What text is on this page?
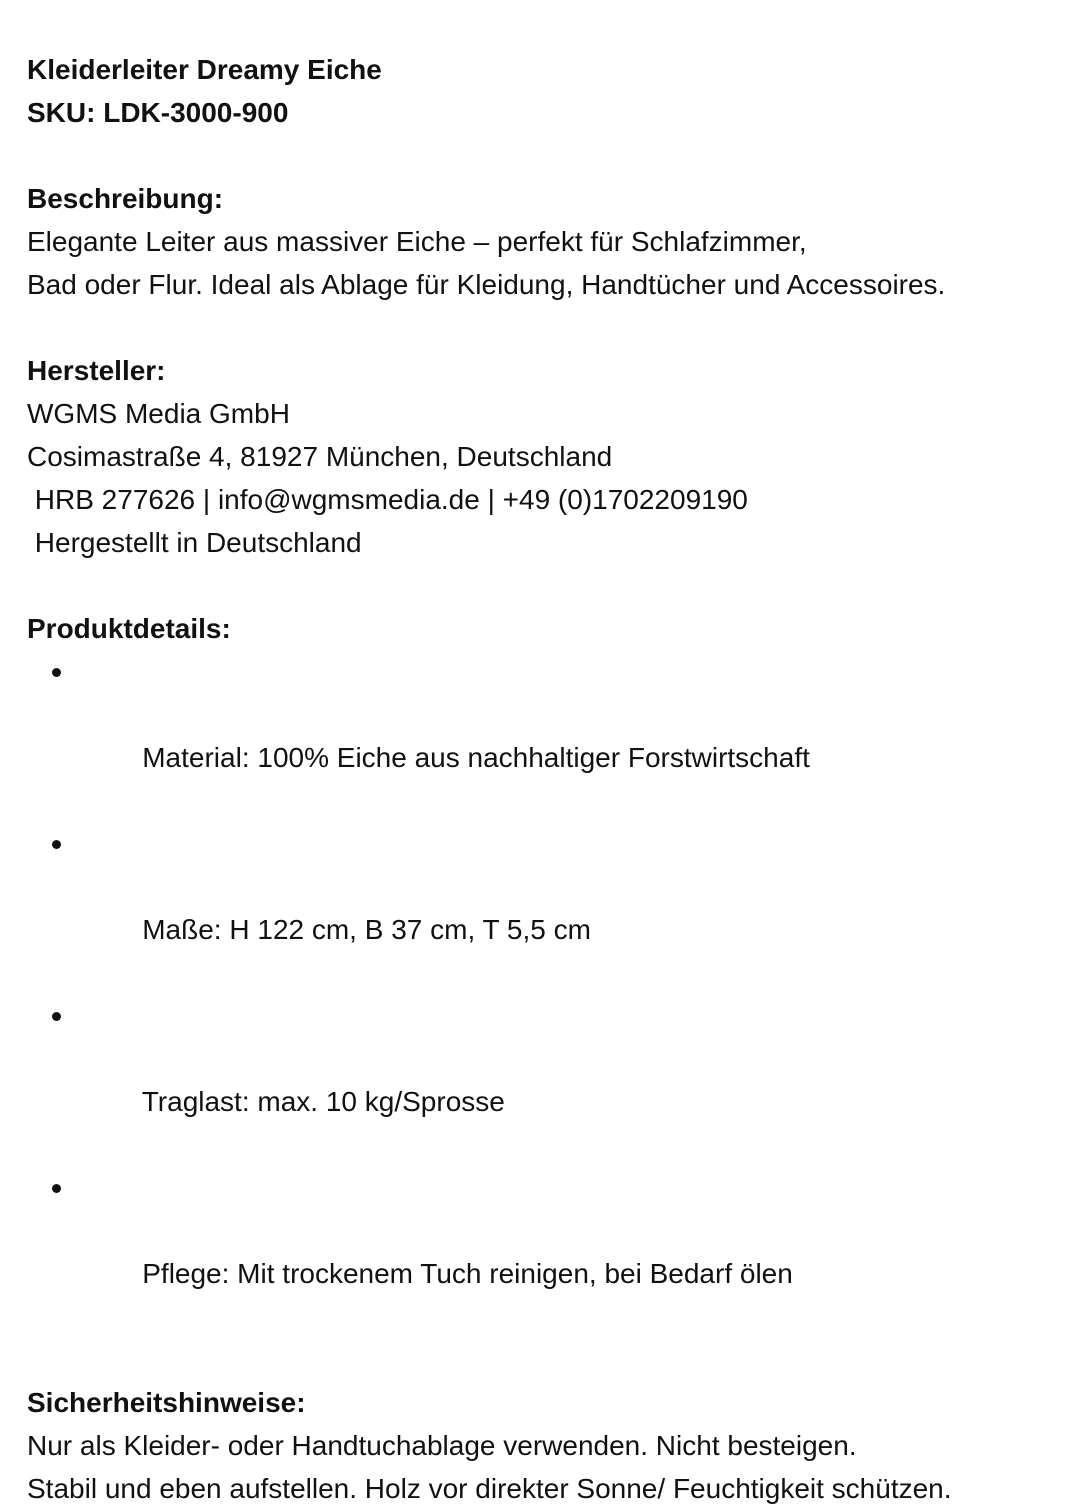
Kleiderleiter Dreamy Eiche

SKU: LDK-3000-900

Beschreibung:

Elegante Leiter aus massiver Eiche – perfekt für Schlafzimmer,

Bad oder Flur. Ideal als Ablage für Kleidung, Handtücher und Accessoires.

Hersteller:

WGMS Media GmbH

Cosimastraße 4, 81927 München, Deutschland

HRB 277626 | info@wgmsmedia.de | +49 (0)1702209190

Hergestellt in Deutschland

Produktdetails:

Material: 100% Eiche aus nachhaltiger Forstwirtschaft

Maße: H 122 cm, B 37 cm, T 5,5 cm

Traglast: max. 10 kg/Sprosse

Pflege: Mit trockenem Tuch reinigen, bei Bedarf ölen

Sicherheitshinweise:

Nur als Kleider- oder Handtuchablage verwenden. Nicht besteigen.

Stabil und eben aufstellen. Holz vor direkter Sonne/ Feuchtigkeit schützen.
